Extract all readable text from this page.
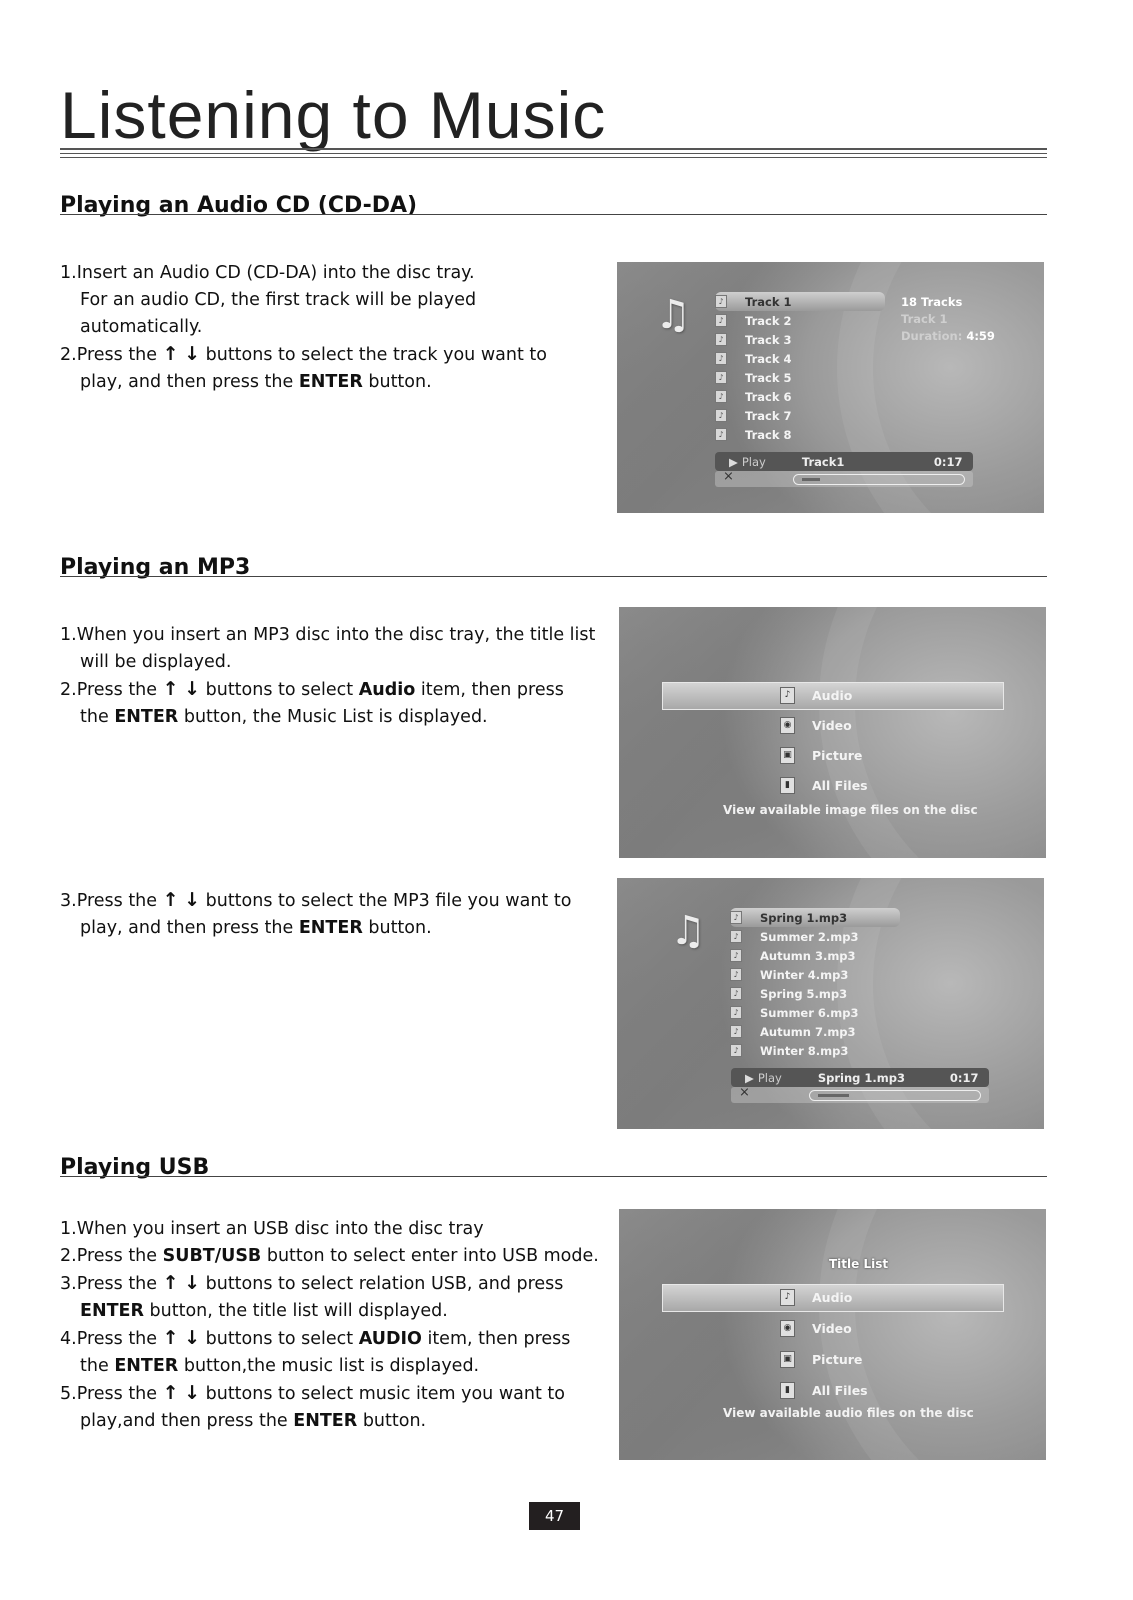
Listening to Music
Playing an Audio CD (CD-DA)

1.Insert an Audio CD (CD-DA) into the disc tray.
For an audio CD, the first track will be played
automatically.

2.Press the ↑ ↓ buttons to select the track you want to
play, and then press the ENTER button.

♫	♪	Track 1
♪	Track 2
♪	Track 3
♪	Track 4
♪	Track 5
♪	Track 6
♪	Track 7
♪	Track 8
18 Tracks
Track 1
Duration: 4:59
▶ Play	Track1	0:17
⨯
Playing an MP3

1.When you insert an MP3 disc into the disc tray, the title list
will be displayed.

2.Press the ↑ ↓ buttons to select Audio item, then press
the ENTER button, the Music List is displayed.

♪	Audio
◉ Video
▣ Picture
▮	All Files
View available image files on the disc

3.Press the ↑ ↓ buttons to select the MP3 file you want to
play, and then press the ENTER button.	♫	♪	Spring 1.mp3
♪	Summer 2.mp3
♪	Autumn 3.mp3
♪	Winter 4.mp3
♪	Spring 5.mp3
♪	Summer 6.mp3
♪	Autumn 7.mp3
♪	Winter 8.mp3
▶ Play	Spring 1.mp3	0:17
⨯
Playing USB

1.When you insert an USB disc into the disc tray

2.Press the SUBT/USB button to select enter into USB mode.

3.Press the ↑ ↓ buttons to select relation USB, and press
ENTER button, the title list will displayed.

4.Press the ↑ ↓ buttons to select AUDIO item, then press
the ENTER button,the music list is displayed.

5.Press the ↑ ↓ buttons to select music item you want to
play,and then press the ENTER button.

Title List
♪	Audio
◉ Video
▣ Picture
▮	All Files
View available audio files on the disc
47
